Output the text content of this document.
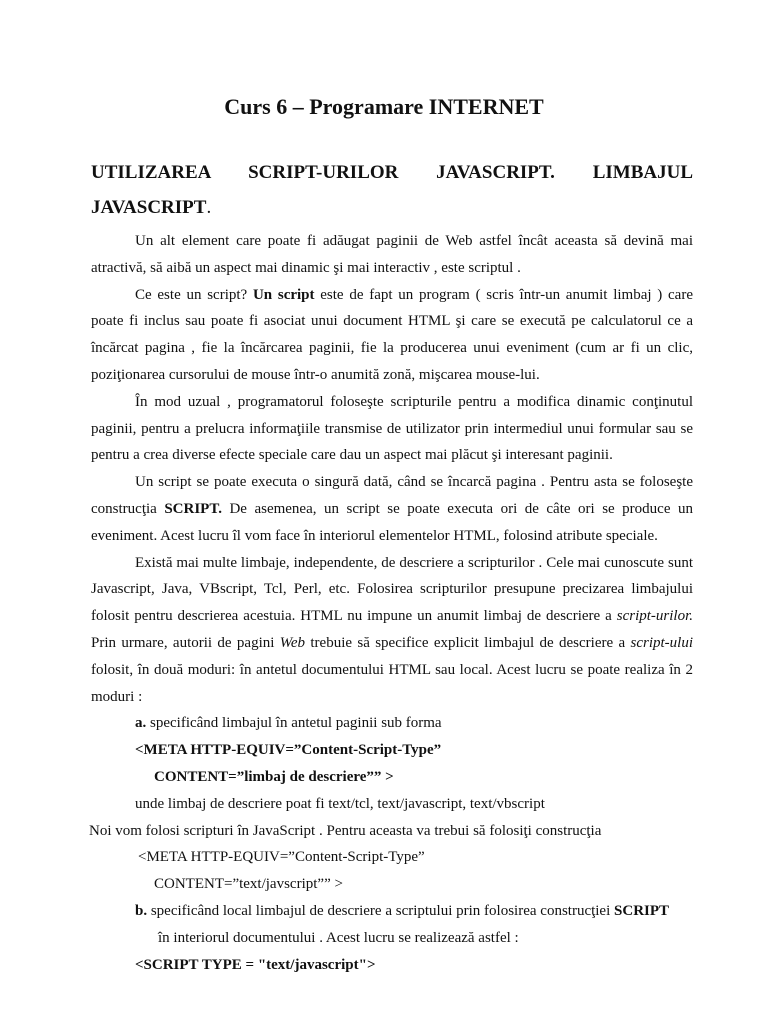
Curs 6 – Programare INTERNET

UTILIZAREA SCRIPT-URILOR JAVASCRIPT. LIMBAJUL

JAVASCRIPT.

Un alt element care poate fi adăugat paginii de Web astfel încât aceasta să devină mai atractivă, să aibă un aspect mai dinamic şi mai interactiv , este scriptul .

Ce este un script? Un script este de fapt un program ( scris într-un anumit limbaj ) care poate fi inclus sau poate fi asociat unui document HTML şi care se execută pe calculatorul ce a încărcat pagina , fie la încărcarea paginii, fie la producerea unui eveniment (cum ar fi un clic, poziţionarea cursorului de mouse într-o anumită zonă, mişcarea mouse-lui.

În mod uzual , programatorul foloseşte scripturile pentru a modifica dinamic conţinutul paginii, pentru a prelucra informaţiile transmise de utilizator prin intermediul unui formular sau se pentru a crea diverse efecte speciale care dau un aspect mai plăcut şi interesant paginii.

Un script se poate executa o singură dată, când se încarcă pagina . Pentru asta se foloseşte construcţia SCRIPT. De asemenea, un script se poate executa ori de câte ori se produce un eveniment. Acest lucru îl vom face în interiorul elementelor HTML, folosind atribute speciale.

Există mai multe limbaje, independente, de descriere a scripturilor . Cele mai cunoscute sunt Javascript, Java, VBscript, Tcl, Perl, etc. Folosirea scripturilor presupune precizarea limbajului folosit pentru descrierea acestuia. HTML nu impune un anumit limbaj de descriere a script-urilor. Prin urmare, autorii de pagini Web trebuie să specifice explicit limbajul de descriere a script-ului folosit, în două moduri: în antetul documentului HTML sau local. Acest lucru se poate realiza în 2 moduri :

a. specificând limbajul în antetul paginii sub forma

<META HTTP-EQUIV=”Content-Script-Type”

CONTENT=”limbaj de descriere”” >

unde limbaj de descriere poat fi text/tcl, text/javascript, text/vbscript

Noi vom folosi scripturi în JavaScript . Pentru aceasta va trebui să folosiţi construcţia

<META HTTP-EQUIV=”Content-Script-Type”

CONTENT=”text/javscript”” >

b. specificând local limbajul de descriere a scriptului prin folosirea construcţiei SCRIPT

în interiorul documentului . Acest lucru se realizează astfel :

<SCRIPT TYPE = "text/javascript">
